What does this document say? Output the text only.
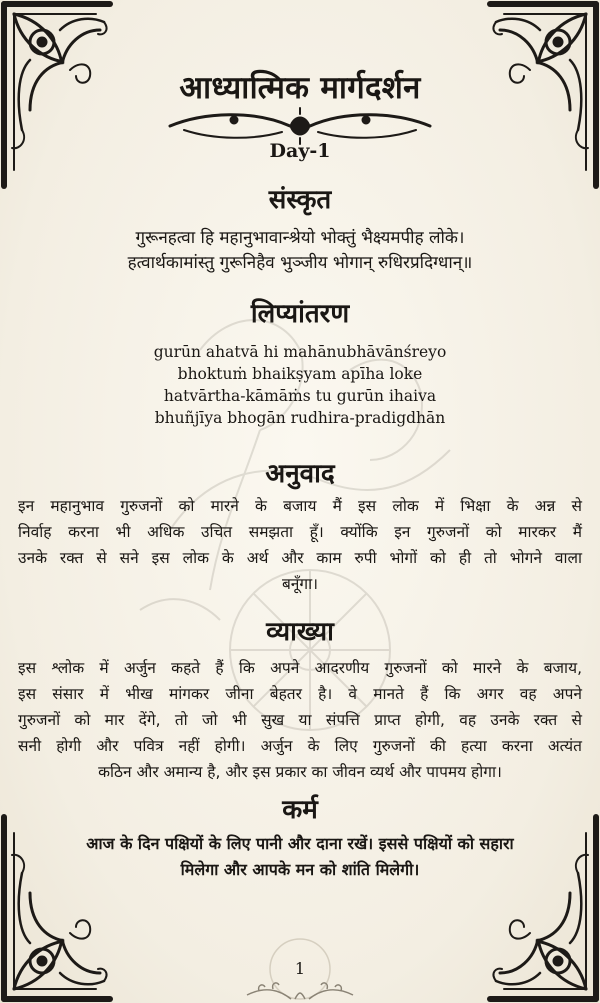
आध्यात्मिक मार्गदर्शन
Day-1
संस्कृत
गुरूनहत्वा हि महानुभावान्श्रेयो भोक्तुं भैक्ष्यमपीह लोके।
हत्वार्थकामांस्तु गुरूनिहैव भुञ्जीय भोगान् रुधिरप्रदिग्धान्॥
लिप्यांतरण
gurūn ahatvā hi mahānubhāvānśreyo
bhoktuṁ bhaikṣyam apīha loke
hatvārtha-kāmāṁs tu gurūn ihaiva
bhuñjīya bhogān rudhira-pradigdhān
अनुवाद
इन महानुभाव गुरुजनों को मारने के बजाय मैं इस लोक में भिक्षा के अन्न से
निर्वाह करना भी अधिक उचित समझता हूँ। क्योंकि इन गुरुजनों को मारकर मैं
उनके रक्त से सने इस लोक के अर्थ और काम रुपी भोगों को ही तो भोगने वाला
बनूँगा।
व्याख्या
इस श्लोक में अर्जुन कहते हैं कि अपने आदरणीय गुरुजनों को मारने के बजाय,
इस संसार में भीख मांगकर जीना बेहतर है। वे मानते हैं कि अगर वह अपने
गुरुजनों को मार देंगे, तो जो भी सुख या संपत्ति प्राप्त होगी, वह उनके रक्त से
सनी होगी और पवित्र नहीं होगी। अर्जुन के लिए गुरुजनों की हत्या करना अत्यंत
कठिन और अमान्य है, और इस प्रकार का जीवन व्यर्थ और पापमय होगा।
कर्म
आज के दिन पक्षियों के लिए पानी और दाना रखें। इससे पक्षियों को सहारा
मिलेगा और आपके मन को शांति मिलेगी।
1
